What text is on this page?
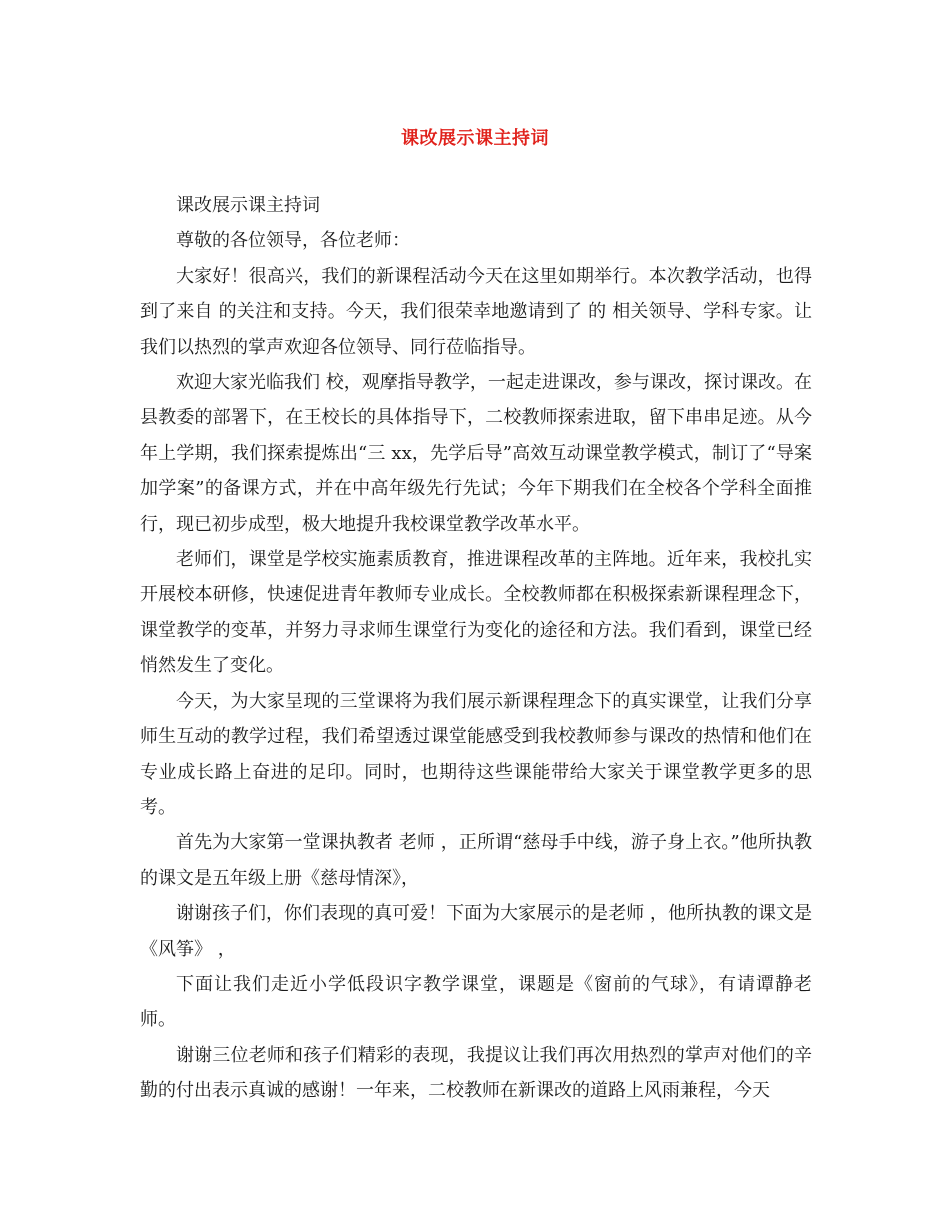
课改展示课主持词

课改展示课主持词

尊敬的各位领导，各位老师：

大家好！很高兴，我们的新课程活动今天在这里如期举行。本次教学活动，也得到了来自 的关注和支持。今天，我们很荣幸地邀请到了 的 相关领导、学科专家。让我们以热烈的掌声欢迎各位领导、同行莅临指导。

欢迎大家光临我们 校，观摩指导教学，一起走进课改，参与课改，探讨课改。在县教委的部署下，在王校长的具体指导下，二校教师探索进取，留下串串足迹。从今年上学期，我们探索提炼出“三 xx，先学后导”高效互动课堂教学模式，制订了“导案加学案”的备课方式，并在中高年级先行先试；今年下期我们在全校各个学科全面推行，现已初步成型，极大地提升我校课堂教学改革水平。

老师们，课堂是学校实施素质教育，推进课程改革的主阵地。近年来，我校扎实开展校本研修，快速促进青年教师专业成长。全校教师都在积极探索新课程理念下，课堂教学的变革，并努力寻求师生课堂行为变化的途径和方法。我们看到，课堂已经悄然发生了变化。

今天，为大家呈现的三堂课将为我们展示新课程理念下的真实课堂，让我们分享师生互动的教学过程，我们希望透过课堂能感受到我校教师参与课改的热情和他们在专业成长路上奋进的足印。同时，也期待这些课能带给大家关于课堂教学更多的思考。

首先为大家第一堂课执教者 老师 ，正所谓“慈母手中线，游子身上衣。”他所执教的课文是五年级上册《慈母情深》，

谢谢孩子们，你们表现的真可爱！下面为大家展示的是老师 ，他所执教的课文是 《风筝》 ，

下面让我们走近小学低段识字教学课堂，课题是《窗前的气球》，有请谭静老师。

谢谢三位老师和孩子们精彩的表现，我提议让我们再次用热烈的掌声对他们的辛勤的付出表示真诚的感谢！一年来，二校教师在新课改的道路上风雨兼程，今天
